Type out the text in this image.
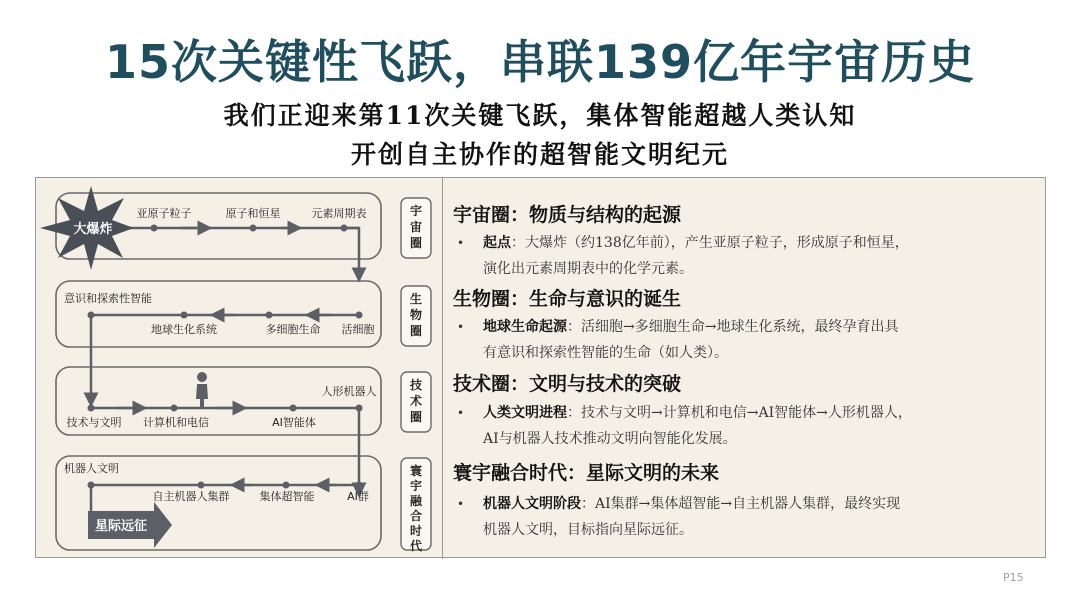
15次关键性飞跃，串联139亿年宇宙历史
我们正迎来第11次关键飞跃，集体智能超越人类认知
开创自主协作的超智能文明纪元
大爆炸
亚原子粒子	原子和恒星	元素周期表
意识和探索性智能
地球生化系统	多细胞生命 活细胞
人形机器人
技术与文明 计算机和电信	AI智能体
机器人文明
自主机器人集群	集体超智能	AI群
星际远征
宇宙圈
生物圈
技术圈
寰宇融合时代
宇宙圈：物质与结构的起源
•	起点：大爆炸（约138亿年前），产生亚原子粒子，形成原子和恒星，
演化出元素周期表中的化学元素。
生物圈：生命与意识的诞生
•	地球生命起源：活细胞→多细胞生命→地球生化系统，最终孕育出具
有意识和探索性智能的生命（如人类）。
技术圈：文明与技术的突破
•	人类文明进程：技术与文明→计算机和电信→AI智能体→人形机器人，
AI与机器人技术推动文明向智能化发展。
寰宇融合时代：星际文明的未来
•	机器人文明阶段：AI集群→集体超智能→自主机器人集群，最终实现
机器人文明，目标指向星际远征。
P15
